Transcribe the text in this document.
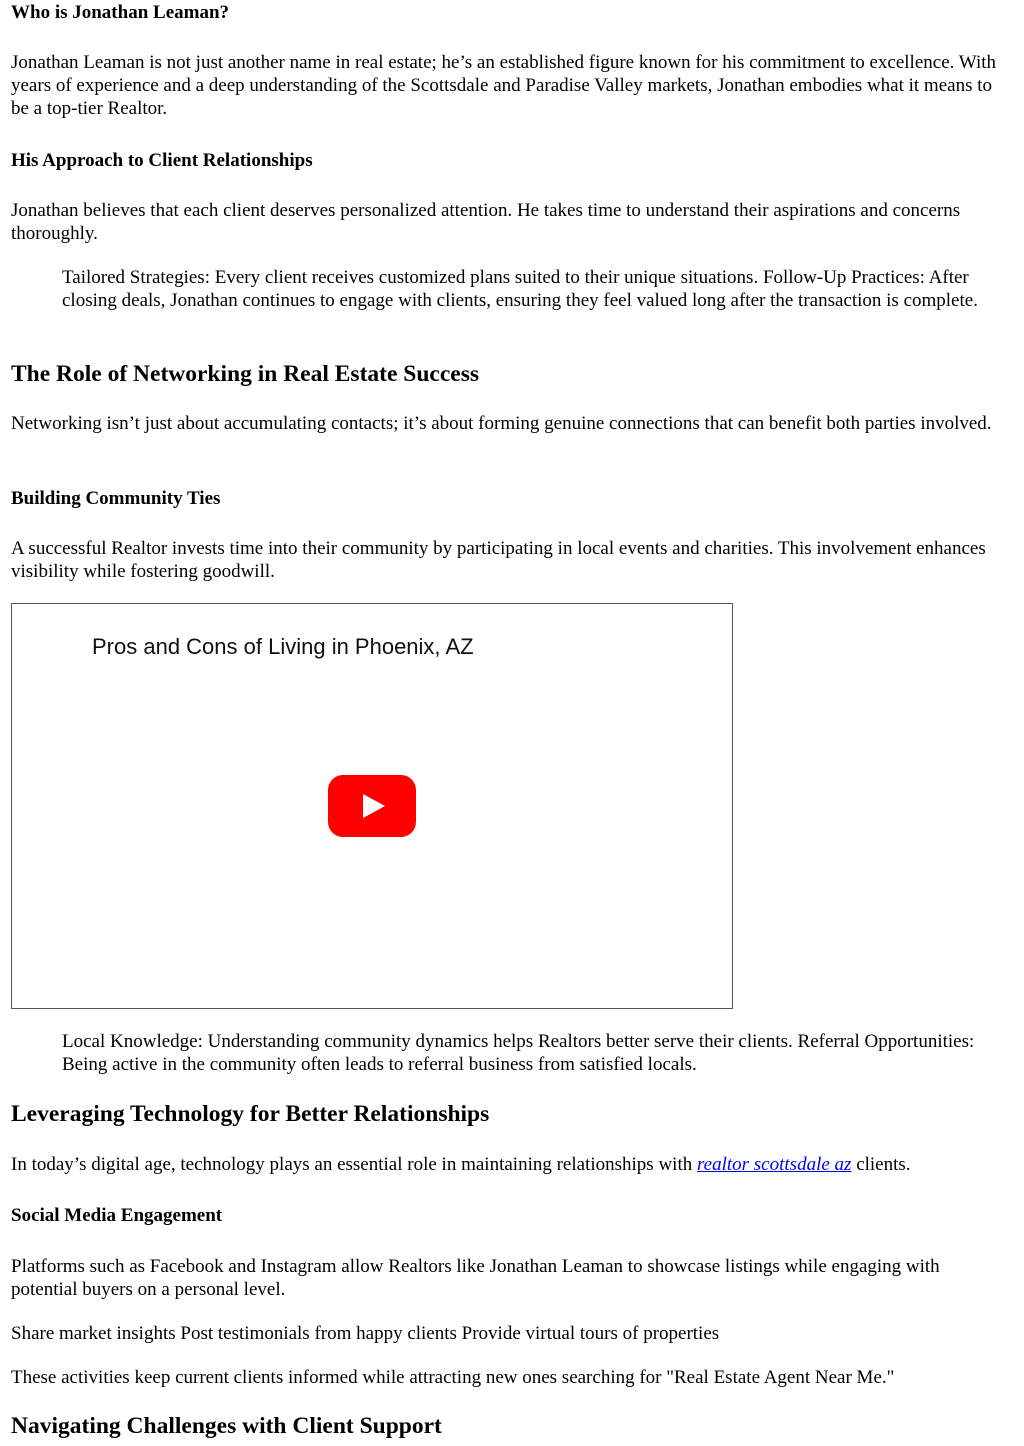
Who is Jonathan Leaman?

Jonathan Leaman is not just another name in real estate; he’s an established figure known for his commitment to excellence. With years of experience and a deep understanding of the Scottsdale and Paradise Valley markets, Jonathan embodies what it means to be a top-tier Realtor.

His Approach to Client Relationships

Jonathan believes that each client deserves personalized attention. He takes time to understand their aspirations and concerns thoroughly.

Tailored Strategies: Every client receives customized plans suited to their unique situations. Follow-Up Practices: After closing deals, Jonathan continues to engage with clients, ensuring they feel valued long after the transaction is complete.
The Role of Networking in Real Estate Success

Networking isn’t just about accumulating contacts; it’s about forming genuine connections that can benefit both parties involved.

Building Community Ties

A successful Realtor invests time into their community by participating in local events and charities. This involvement enhances visibility while fostering goodwill.

Pros and Cons of Living in Phoenix, AZ
Local Knowledge: Understanding community dynamics helps Realtors better serve their clients. Referral Opportunities: Being active in the community often leads to referral business from satisfied locals.
Leveraging Technology for Better Relationships

In today’s digital age, technology plays an essential role in maintaining relationships with realtor scottsdale az clients.

Social Media Engagement

Platforms such as Facebook and Instagram allow Realtors like Jonathan Leaman to showcase listings while engaging with potential buyers on a personal level.

Share market insights Post testimonials from happy clients Provide virtual tours of properties

These activities keep current clients informed while attracting new ones searching for "Real Estate Agent Near Me."

Navigating Challenges with Client Support
